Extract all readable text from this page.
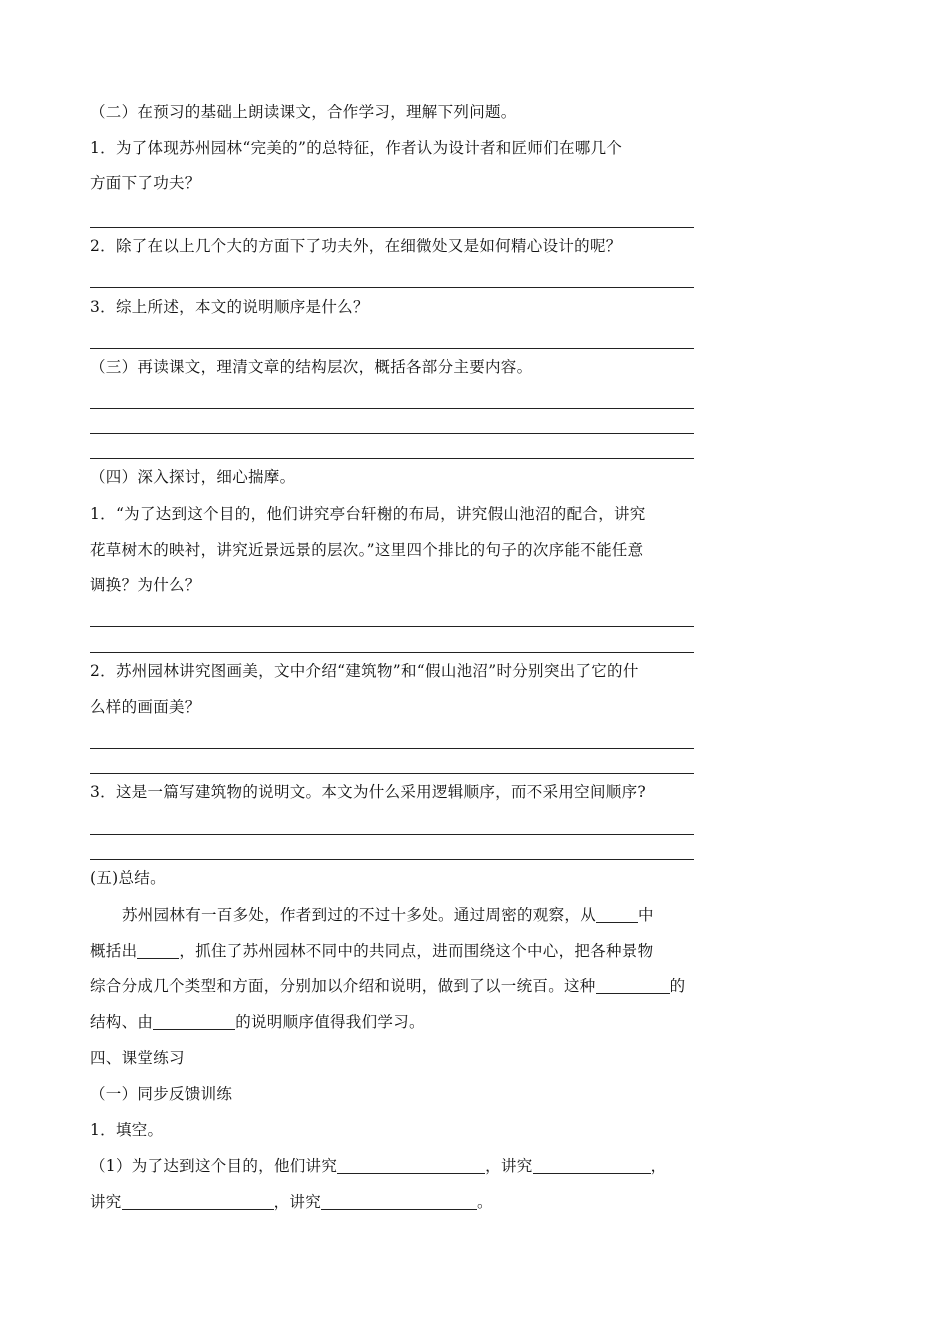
（二）在预习的基础上朗读课文，合作学习，理解下列问题。
1．为了体现苏州园林“完美的”的总特征，作者认为设计者和匠师们在哪几个
方面下了功夫？
2．除了在以上几个大的方面下了功夫外，在细微处又是如何精心设计的呢？
3．综上所述，本文的说明顺序是什么？
（三）再读课文，理清文章的结构层次，概括各部分主要内容。
（四）深入探讨，细心揣摩。
1．“为了达到这个目的，他们讲究亭台轩榭的布局，讲究假山池沼的配合，讲究
花草树木的映衬，讲究近景远景的层次。”这里四个排比的句子的次序能不能任意
调换？为什么？
2．苏州园林讲究图画美，文中介绍“建筑物”和“假山池沼”时分别突出了它的什
么样的画面美？
3．这是一篇写建筑物的说明文。本文为什么采用逻辑顺序，而不采用空间顺序?
(五)总结。
苏州园林有一百多处，作者到过的不过十多处。通过周密的观察，从	中
概括出	，抓住了苏州园林不同中的共同点，进而围绕这个中心，把各种景物
综合分成几个类型和方面，分别加以介绍和说明，做到了以一统百。这种	的
结构、由	的说明顺序值得我们学习。
四、课堂练习
（一）同步反馈训练
1．填空。
（1）为了达到这个目的，他们讲究	，讲究	，
讲究	，讲究	。
